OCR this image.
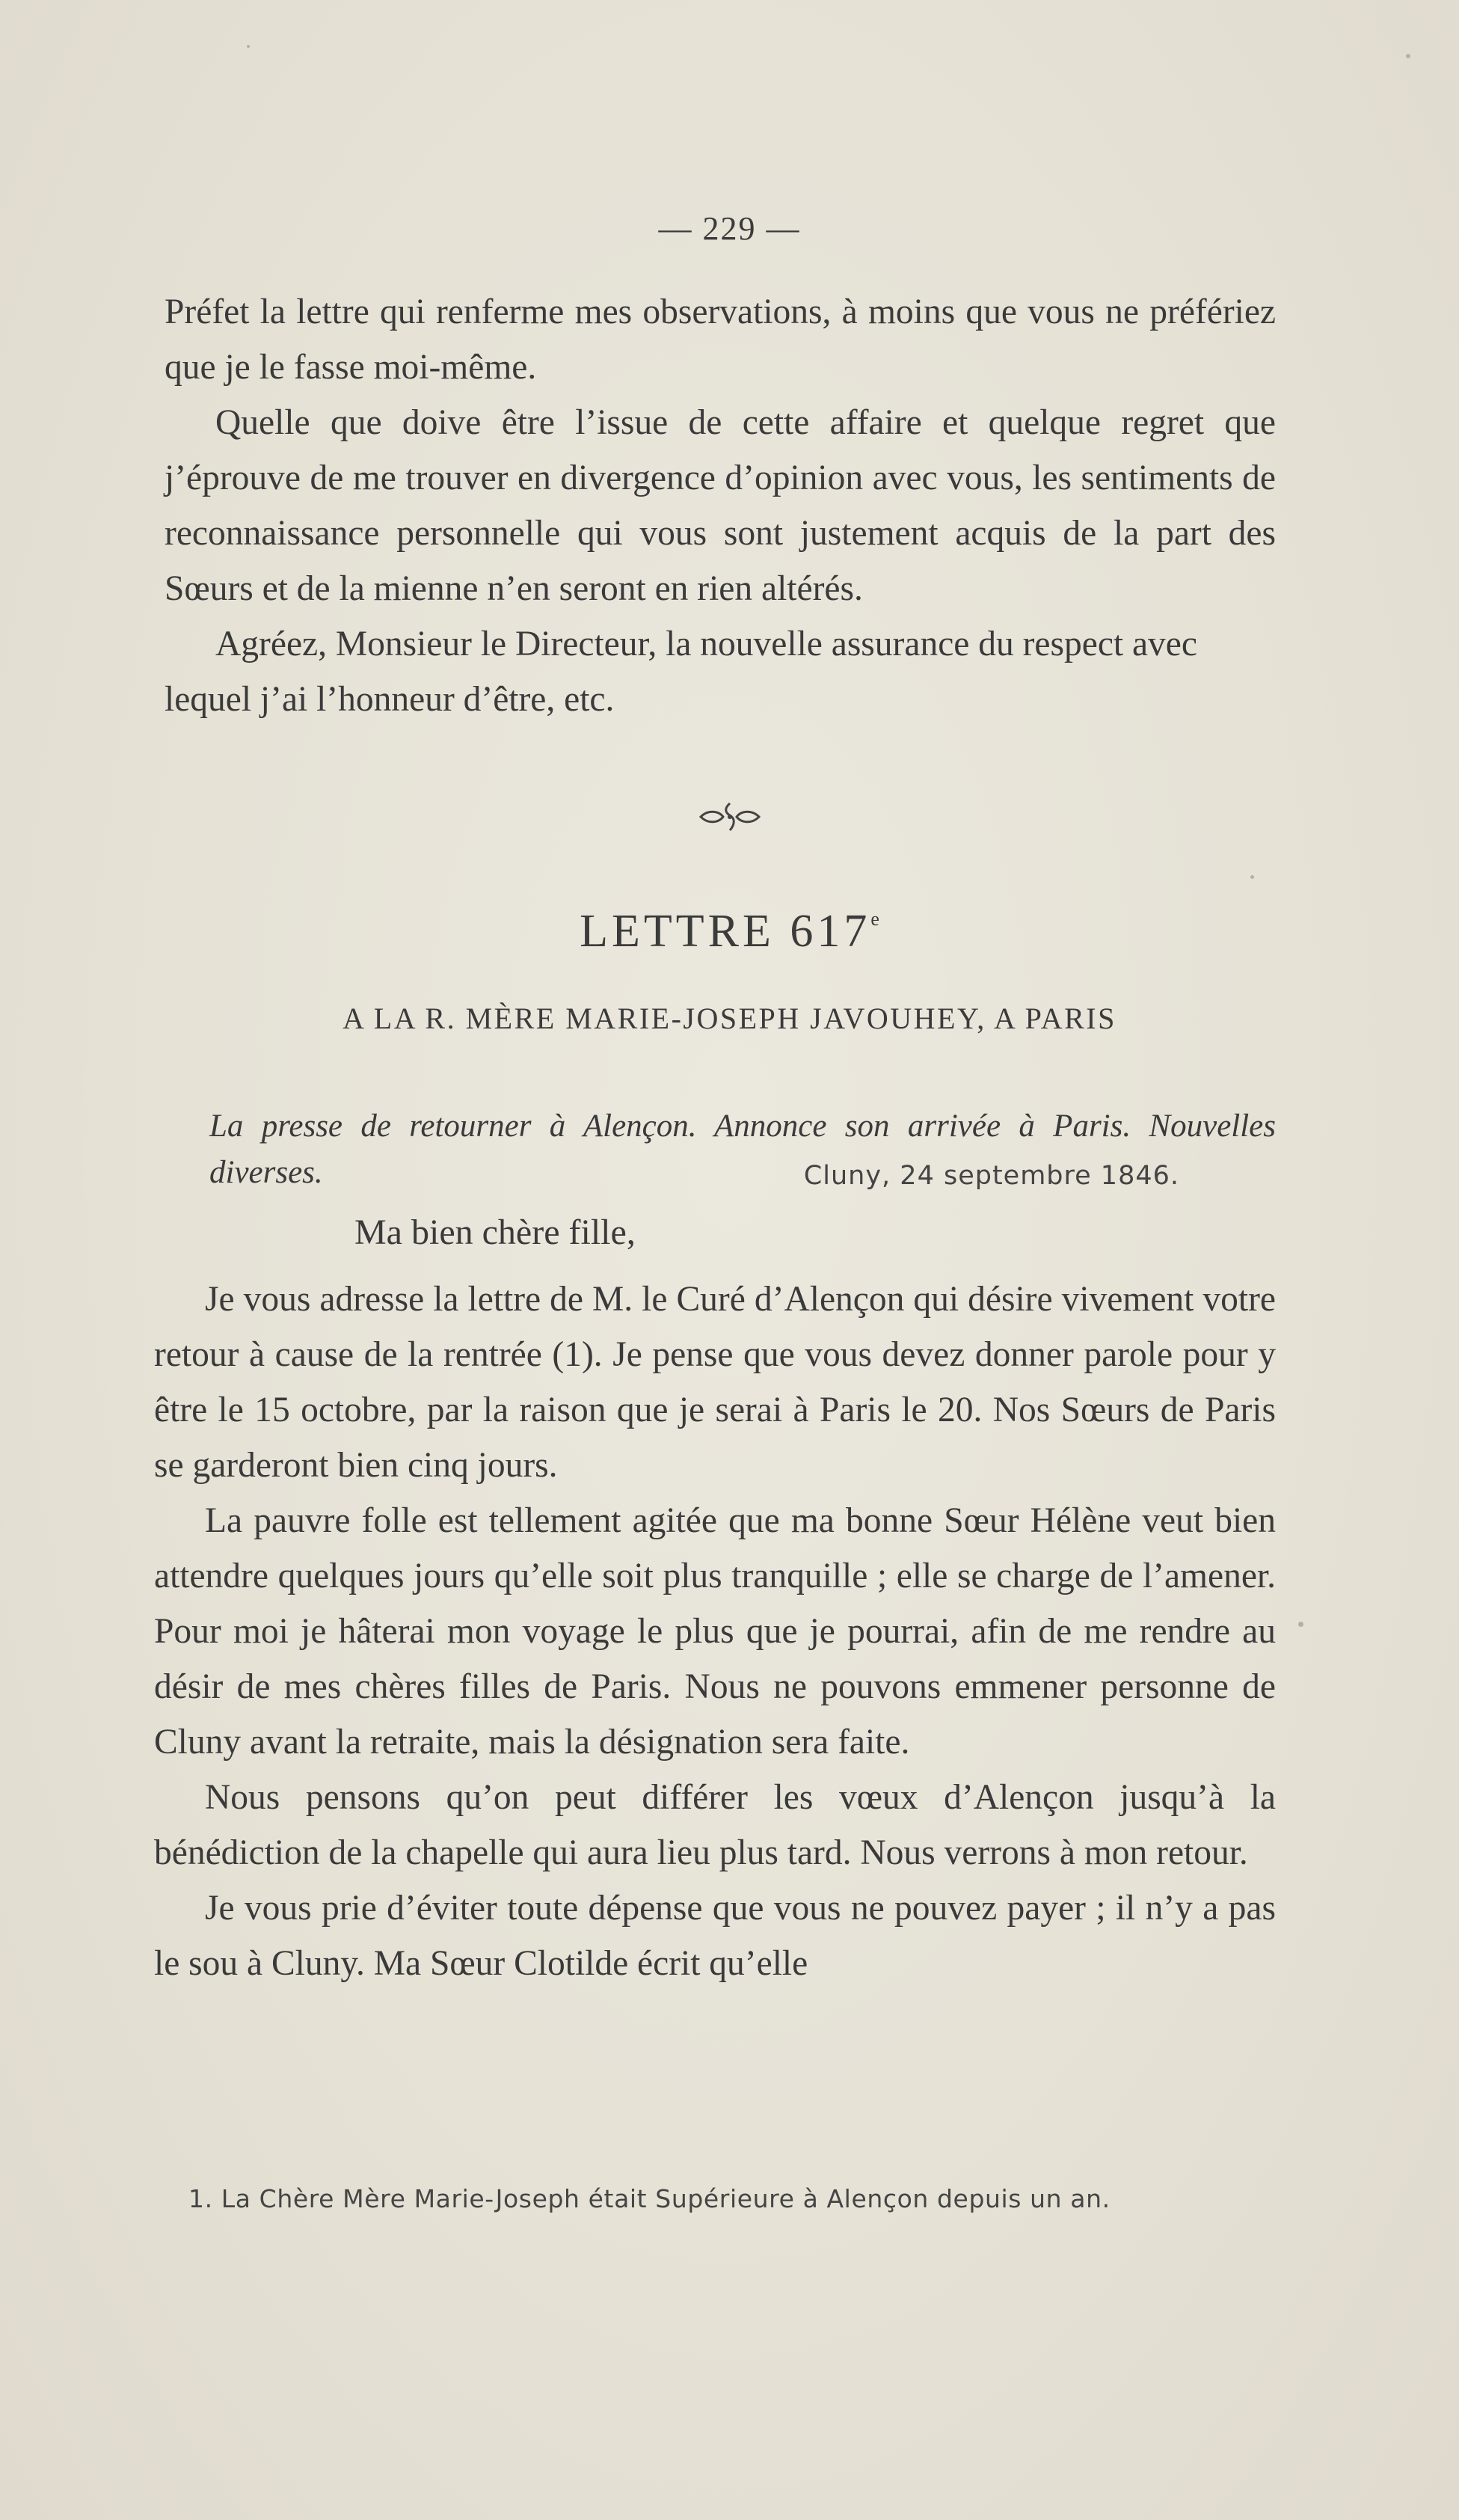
— 229 —

Préfet la lettre qui renferme mes observations, à moins que vous ne préfériez que je le fasse moi-même.

Quelle que doive être l’issue de cette affaire et quelque regret que j’éprouve de me trouver en divergence d’opinion avec vous, les sentiments de reconnaissance personnelle qui vous sont justement acquis de la part des Sœurs et de la mienne n’en seront en rien altérés.

Agréez, Monsieur le Directeur, la nouvelle assurance du respect avec lequel j’ai l’honneur d’être, etc.

LETTRE 617e
A LA R. MÈRE MARIE-JOSEPH JAVOUHEY, A PARIS

La presse de retourner à Alençon. Annonce son arrivée à Paris. Nouvelles diverses.	Cluny, 24 septembre 1846.
Ma bien chère fille,

Je vous adresse la lettre de M. le Curé d’Alençon qui désire vivement votre retour à cause de la rentrée (1). Je pense que vous devez donner parole pour y être le 15 octobre, par la raison que je serai à Paris le 20. Nos Sœurs de Paris se garderont bien cinq jours.

La pauvre folle est tellement agitée que ma bonne Sœur Hélène veut bien attendre quelques jours qu’elle soit plus tranquille ; elle se charge de l’amener. Pour moi je hâterai mon voyage le plus que je pourrai, afin de me rendre au désir de mes chères filles de Paris. Nous ne pouvons emmener personne de Cluny avant la retraite, mais la désignation sera faite.

Nous pensons qu’on peut différer les vœux d’Alençon jusqu’à la bénédiction de la chapelle qui aura lieu plus tard. Nous verrons à mon retour.

Je vous prie d’éviter toute dépense que vous ne pouvez payer ; il n’y a pas le sou à Cluny. Ma Sœur Clotilde écrit qu’elle

1. La Chère Mère Marie-Joseph était Supérieure à Alençon depuis un an.
